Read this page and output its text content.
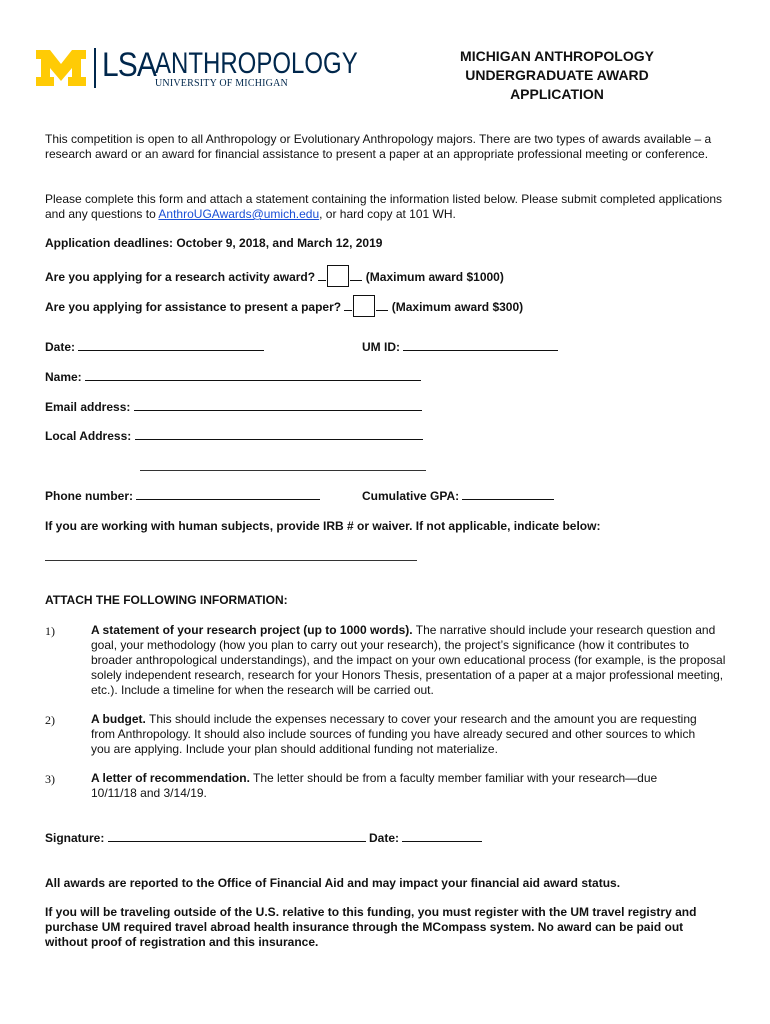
LSA ANTHROPOLOGY
UNIVERSITY OF MICHIGAN
MICHIGAN ANTHROPOLOGY
UNDERGRADUATE AWARD
APPLICATION
This competition is open to all Anthropology or Evolutionary Anthropology majors. There are two types of awards available – a research award or an award for financial assistance to present a paper at an appropriate professional meeting or conference.
Please complete this form and attach a statement containing the information listed below. Please submit completed applications and any questions to AnthroUGAwards@umich.edu, or hard copy at 101 WH.
Application deadlines: October 9, 2018, and March 12, 2019
Are you applying for a research activity award?	(Maximum award $1000)
Are you applying for assistance to present a paper?	(Maximum award $300)
Date:	UM ID:
Name:
Email address:
Local Address:
Phone number:	Cumulative GPA:
If you are working with human subjects, provide IRB # or waiver. If not applicable, indicate below:
ATTACH THE FOLLOWING INFORMATION:
1)	A statement of your research project (up to 1000 words). The narrative should include your research question and goal, your methodology (how you plan to carry out your research), the project’s significance (how it contributes to broader anthropological understandings), and the impact on your own educational process (for example, is the proposal solely independent research, research for your Honors Thesis, presentation of a paper at a major professional meeting, etc.). Include a timeline for when the research will be carried out.
2)	A budget. This should include the expenses necessary to cover your research and the amount you are requesting from Anthropology. It should also include sources of funding you have already secured and other sources to which you are applying. Include your plan should additional funding not materialize.
3)	A letter of recommendation. The letter should be from a faculty member familiar with your research—due 10/11/18 and 3/14/19.
Signature:	Date:
All awards are reported to the Office of Financial Aid and may impact your financial aid award status.
If you will be traveling outside of the U.S. relative to this funding, you must register with the UM travel registry and purchase UM required travel abroad health insurance through the MCompass system. No award can be paid out without proof of registration and this insurance.
